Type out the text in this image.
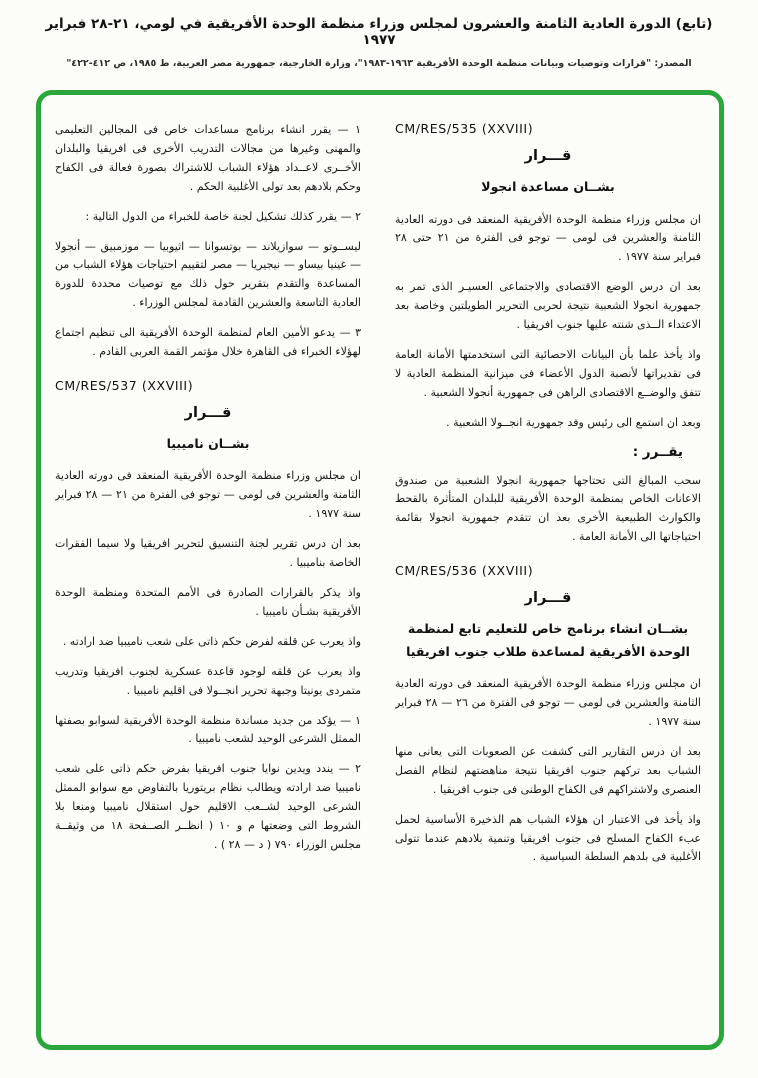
(تابع) الدورة العادية الثامنة والعشرون لمجلس وزراء منظمة الوحدة الأفريقية في لومي، ٢١-٢٨ فبراير ١٩٧٧
المصدر: "قرارات وتوصيات وبيانات منظمة الوحدة الأفريقية ١٩٦٣-١٩٨٣"، وزارة الخارجية، جمهورية مصر العربية، ط ١٩٨٥، ص ٤١٢-٤٢٢"
CM/RES/535 (XXVIII)
قـــرار
بشــان مساعدة انجولا
ان مجلس وزراء منظمة الوحدة الأفريقية المنعقد فى دورته العادية الثامنة والعشرين فى لومى — توجو فى الفترة من ٢١ حتى ٢٨ فبراير سنة ١٩٧٧ .
بعد ان درس الوضع الاقتصادى والاجتماعى العسيـر الذى تمر به جمهورية انجولا الشعبية نتيجة لحربى التحرير الطويلتين وخاصة بعد الاعتداء الــذى شنته عليها جنوب افريقيا .
واذ يأخذ علما بأن البيانات الاحصائية التى استخدمتها الأمانة العامة فى تقديراتها لأنصبة الدول الأعضاء فى ميزانية المنظمة العادية لا تتفق والوضــع الاقتصادى الراهن فى جمهورية أنجولا الشعبية .
وبعد ان استمع الى رئيس وفد جمهورية انجــولا الشعبية .
يقــرر :
سحب المبالغ التى تحتاجها جمهورية انجولا الشعبية من صندوق الاعانات الخاص بمنظمة الوحدة الأفريقية للبلدان المتأثرة بالقحط والكوارث الطبيعية الأخرى بعد ان تتقدم جمهورية انجولا بقائمة احتياجاتها الى الأمانة العامة .
CM/RES/536 (XXVIII)
قـــرار
بشــان انشاء برنامج خاص للتعليم تابع لمنظمة الوحدة الأفريقية لمساعدة طلاب جنوب افريقيا
ان مجلس وزراء منظمة الوحدة الأفريقية المنعقد فى دورته العادية الثامنة والعشرين فى لومى — توجو فى الفترة من ٢٦ — ٢٨ فبراير سنة ١٩٧٧ .
بعد ان درس التقارير التى كشفت عن الصعوبات التى يعانى منها الشباب بعد تركهم جنوب افريقيا نتيجة مناهضتهم لنظام الفصل العنصرى ولاشتراكهم فى الكفاح الوطنى فى جنوب افريقيا .
واذ يأخذ فى الاعتبار ان هؤلاء الشباب هم الذخيرة الأساسية لحمل عبء الكفاح المسلح فى جنوب افريقيا وتنمية بلادهم عندما تتولى الأغلبية فى بلدهم السلطة السياسية .
١ — يقرر انشاء برنامج مساعدات خاص فى المجالين التعليمى والمهنى وغيرها من مجالات التدريب الأخرى فى افريقيا والبلدان الأخــرى لاعــداد هؤلاء الشباب للاشتراك بصورة فعالة فى الكفاح وحكم بلادهم بعد تولى الأغلبية الحكم .
٢ — يقرر كذلك تشكيل لجنة خاصة للخبراء من الدول التالية :
ليســوتو — سوازيلاند — بوتسوانا — اثيوبيا — موزمبيق — أنجولا — غينيا بيساو — نيجيريا — مصر لتقييم احتياجات هؤلاء الشباب من المساعدة والتقدم بتقرير حول ذلك مع توصيات محددة للدورة العادية التاسعة والعشرين القادمة لمجلس الوزراء .
٣ — يدعو الأمين العام لمنظمة الوحدة الأفريقية الى تنظيم اجتماع لهؤلاء الخبراء فى القاهرة خلال مؤتمر القمة العربى القادم .
CM/RES/537 (XXVIII)
قـــرار
بشــان ناميبيا
ان مجلس وزراء منظمة الوحدة الأفريقية المنعقد فى دورته العادية الثامنة والعشرين فى لومى — توجو فى الفترة من ٢١ — ٢٨ فبراير سنة ١٩٧٧ .
بعد ان درس تقرير لجنة التنسيق لتحرير افريقيا ولا سيما الفقرات الخاصة بناميبيا .
واذ يذكر بالقرارات الصادرة فى الأمم المتحدة ومنظمة الوحدة الأفريقية بشـأن ناميبيا .
واذ يعرب عن قلقه لفرض حكم ذاتى على شعب ناميبيا ضد ارادته .
واذ يعرب عن قلقه لوجود قاعدة عسكرية لجنوب افريقيا وتدريب متمردى يونيتا وجبهة تحرير انجــولا فى اقليم ناميبيا .
١ — يؤكد من جديد مساندة منظمة الوحدة الأفريقية لسوابو بصفتها الممثل الشرعى الوحيد لشعب ناميبيا .
٢ — يندد ويدين نوايا جنوب افريقيا بفرض حكم ذاتى على شعب ناميبيا ضد ارادته ويطالب نظام بريتوريا بالتفاوض مع سوابو الممثل الشرعى الوحيد لشــعب الاقليم حول استقلال ناميبيا ومنعا بلا الشروط التى وضعتها م و ١٠ ( انظــر الصــفحة ١٨ من وثيقــة مجلس الوزراء ٧٩٠ ( د — ٢٨ ) .
